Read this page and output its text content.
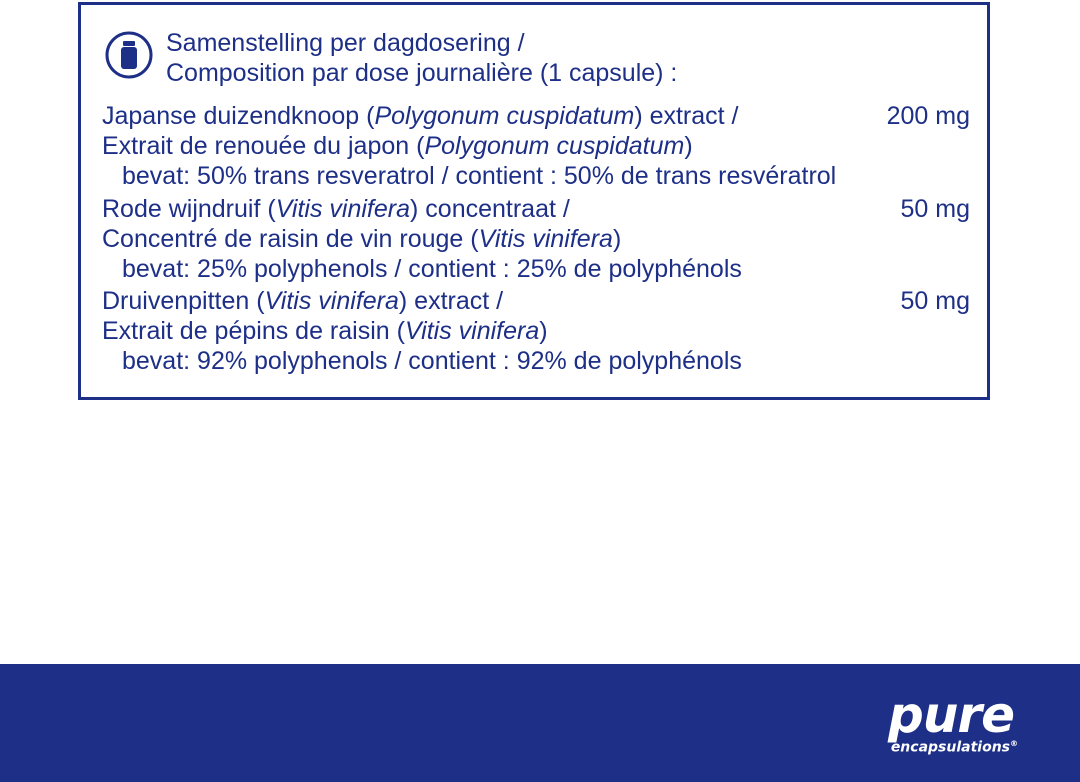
Samenstelling per dagdosering /
Composition par dose journalière (1 capsule) :
Japanse duizendknoop (Polygonum cuspidatum) extract /	200 mg
Extrait de renouée du japon (Polygonum cuspidatum)
bevat: 50% trans resveratrol / contient : 50% de trans resvératrol
Rode wijndruif (Vitis vinifera) concentraat /	50 mg
Concentré de raisin de vin rouge (Vitis vinifera)
bevat: 25% polyphenols / contient : 25% de polyphénols
Druivenpitten (Vitis vinifera) extract /	50 mg
Extrait de pépins de raisin (Vitis vinifera)
bevat: 92% polyphenols / contient : 92% de polyphénols
pure
encapsulations®
